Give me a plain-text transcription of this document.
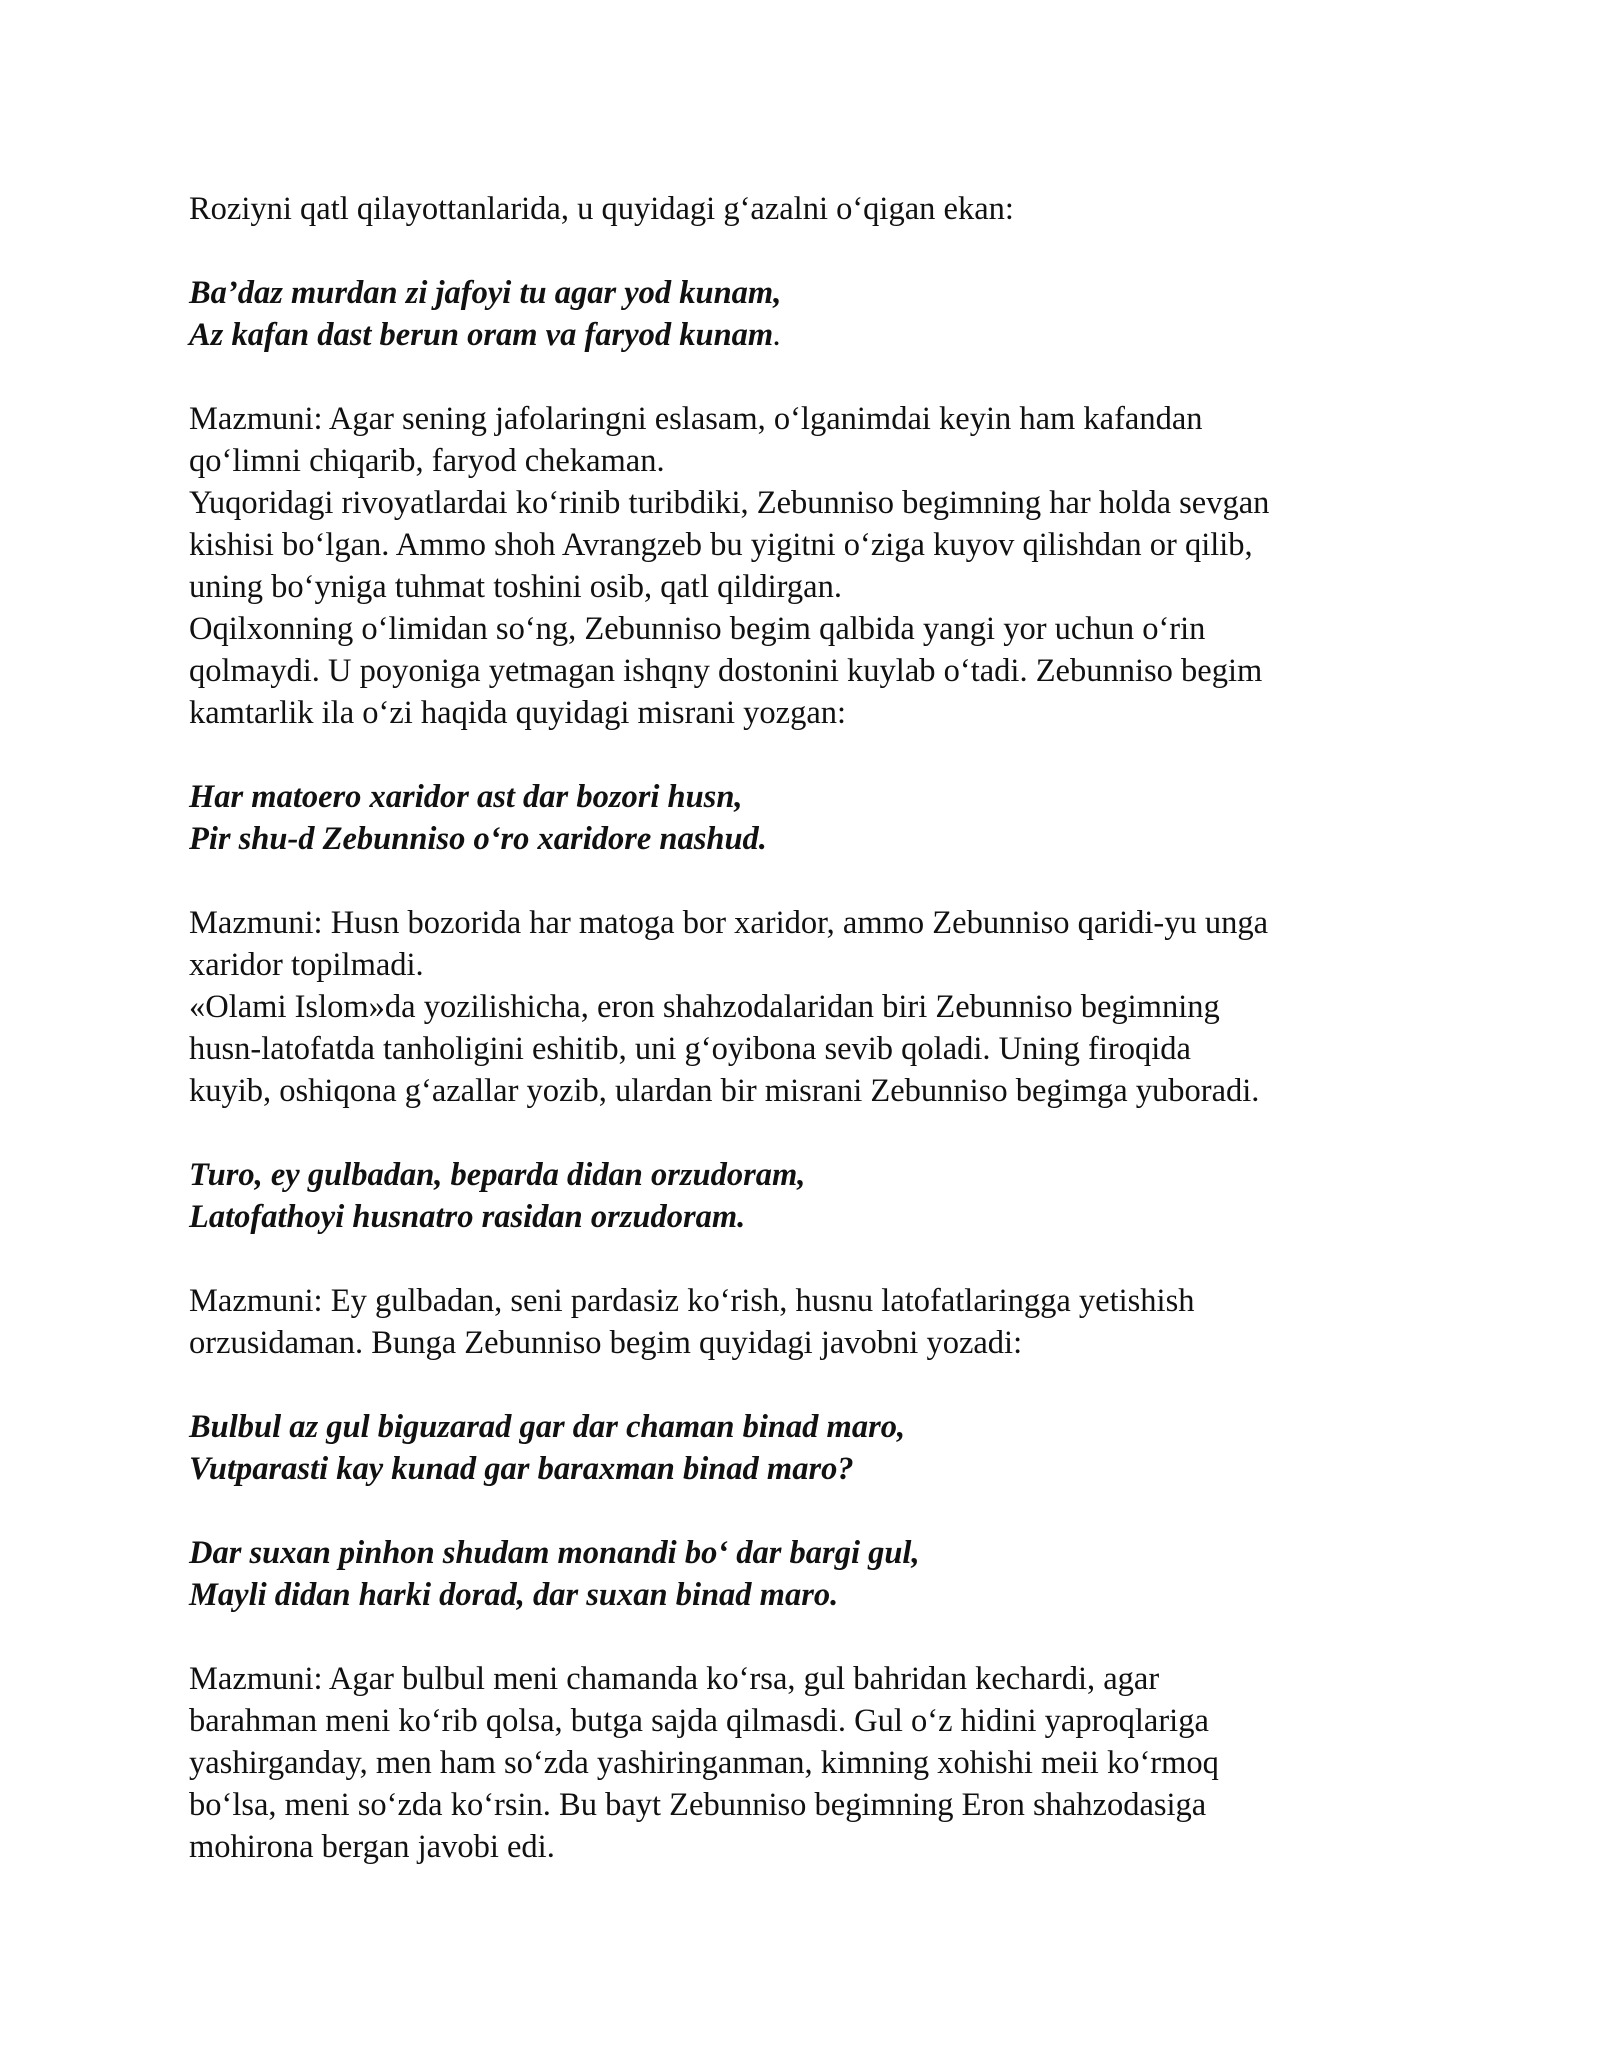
Roziyni qatl qilayottanlarida, u quyidagi g‘azalni o‘qigan ekan:
Ba’daz murdan zi jafoyi tu agar yod kunam,
Az kafan dast berun oram va faryod kunam.
Mazmuni: Agar sening jafolaringni eslasam, o‘lganimdai keyin ham kafandan
qo‘limni chiqarib, faryod chekaman.
Yuqoridagi rivoyatlardai ko‘rinib turibdiki, Zebunniso begimning har holda sevgan
kishisi bo‘lgan. Ammo shoh Avrangzeb bu yigitni o‘ziga kuyov qilishdan or qilib,
uning bo‘yniga tuhmat toshini osib, qatl qildirgan.
Oqilxonning o‘limidan so‘ng, Zebunniso begim qalbida yangi yor uchun o‘rin
qolmaydi. U poyoniga yetmagan ishqny dostonini kuylab o‘tadi. Zebunniso begim
kamtarlik ila o‘zi haqida quyidagi misrani yozgan:
Har matoero xaridor ast dar bozori husn,
Pir shu-d Zebunniso o‘ro xaridore nashud.
Mazmuni: Husn bozorida har matoga bor xaridor, ammo Zebunniso qaridi-yu unga
xaridor topilmadi.
«Olami Islom»da yozilishicha, eron shahzodalaridan biri Zebunniso begimning
husn-latofatda tanholigini eshitib, uni g‘oyibona sevib qoladi. Uning firoqida
kuyib, oshiqona g‘azallar yozib, ulardan bir misrani Zebunniso begimga yuboradi.
Turo, ey gulbadan, beparda didan orzudoram,
Latofathoyi husnatro rasidan orzudoram.
Mazmuni: Ey gulbadan, seni pardasiz ko‘rish, husnu latofatlaringga yetishish
orzusidaman. Bunga Zebunniso begim quyidagi javobni yozadi:
Bulbul az gul biguzarad gar dar chaman binad maro,
Vutparasti kay kunad gar baraxman binad maro?
Dar suxan pinhon shudam monandi bo‘ dar bargi gul,
Mayli didan harki dorad, dar suxan binad maro.
Mazmuni: Agar bulbul meni chamanda ko‘rsa, gul bahridan kechardi, agar
barahman meni ko‘rib qolsa, butga sajda qilmasdi. Gul o‘z hidini yaproqlariga
yashirganday, men ham so‘zda yashiringanman, kimning xohishi meii ko‘rmoq
bo‘lsa, meni so‘zda ko‘rsin. Bu bayt Zebunniso begimning Eron shahzodasiga
mohirona bergan javobi edi.
